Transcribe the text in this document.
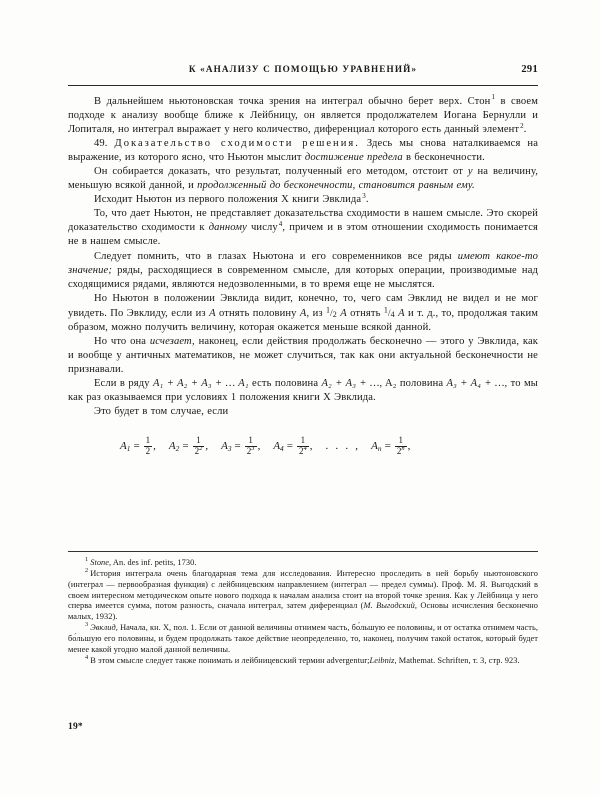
К «АНАЛИЗУ С ПОМОЩЬЮ УРАВНЕНИЙ»	291

В дальнейшем ньютоновская точка зрения на интеграл обычно берет верх. Стон$^1$ в своем подходе к анализу вообще ближе к Лейбницу, он является продолжателем Иогана Бернулли и Лопиталя, но интеграл выражает у него количество, диференциал которого есть данный элемент$^2$.

49. Доказательство сходимости решения. Здесь мы снова наталкиваемся на выражение, из которого ясно, что Ньютон мыслит достижение предела в бесконечности.

Он собирается доказать, что результат, полученный его методом, отстоит от y на величину, меньшую всякой данной, и продолженный до бесконечности, становится равным ему.

Исходит Ньютон из первого положения X книги Эвклида$^3$.

То, что дает Ньютон, не представляет доказательства сходимости в нашем смысле. Это скорей доказательство сходимости к данному числу$^4$, причем и в этом отношении сходимость понимается не в нашем смысле.

Следует помнить, что в глазах Ньютона и его современников все ряды имеют какое-то значение; ряды, расходящиеся в современном смысле, для которых операции, производимые над сходящимися рядами, являются недозволенными, в то время еще не мыслятся.

Но Ньютон в положении Эвклида видит, конечно, то, чего сам Эвклид не видел и не мог увидеть. По Эвклиду, если из A отнять половину A, из $^1/_2$ A отнять $^1/_4$ A и т. д., то, продолжая таким образом, можно получить величину, которая окажется меньше всякой данной.

Но что она исчезает, наконец, если действия продолжать бесконечно — этого у Эвклида, как и вообще у античных математиков, не может случиться, так как они актуальной бесконечности не признавали.

Если в ряду A₁ + A₂ + A₃ + … A₁ есть половина A₂ + A₃ + …, A₂ половина A₃ + A₄ + …, то мы как раз оказываемся при условиях 1 положения книги X Эвклида.

Это будет в том случае, если

$A_1 = \frac{1}{2}$ , $A_2 = \frac{1}{2^2}$ , $A_3 = \frac{1}{2^3}$ , $A_4 = \frac{1}{2^4}$ , . . . , $A_n = \frac{1}{2^n}$ ,

$^1$ Stone, An. des inf. petits, 1730.

$^2$ История интеграла очень благодарная тема для исследования. Интересно проследить в ней борьбу ньютоновского (интеграл — первообразная функция) с лейбницевским направлением (интеграл — предел суммы). Проф. М. Я. Выгодский в своем интересном методическом опыте нового подхода к началам анализа стоит на второй точке зрения. Как у Лейбница у него сперва имеется сумма, потом разность, сначала интеграл, затем диференциал (М. Выгодский, Основы исчисления бесконечно малых, 1932).

$^3$ Эвклид, Начала, кн. X, пол. 1. Если от данной величины отнимем часть, бо́льшую ее половины, и от остатка отнимем часть, бо́льшую его половины, и будем продолжать такое действие неопределенно, то, наконец, получим такой остаток, который будет менее какой угодно малой данной величины.

$^4$ В этом смысле следует также понимать и лейбницевский термин advergentur;Leibniz, Mathemat. Schriften, т. 3, стр. 923.

19*
